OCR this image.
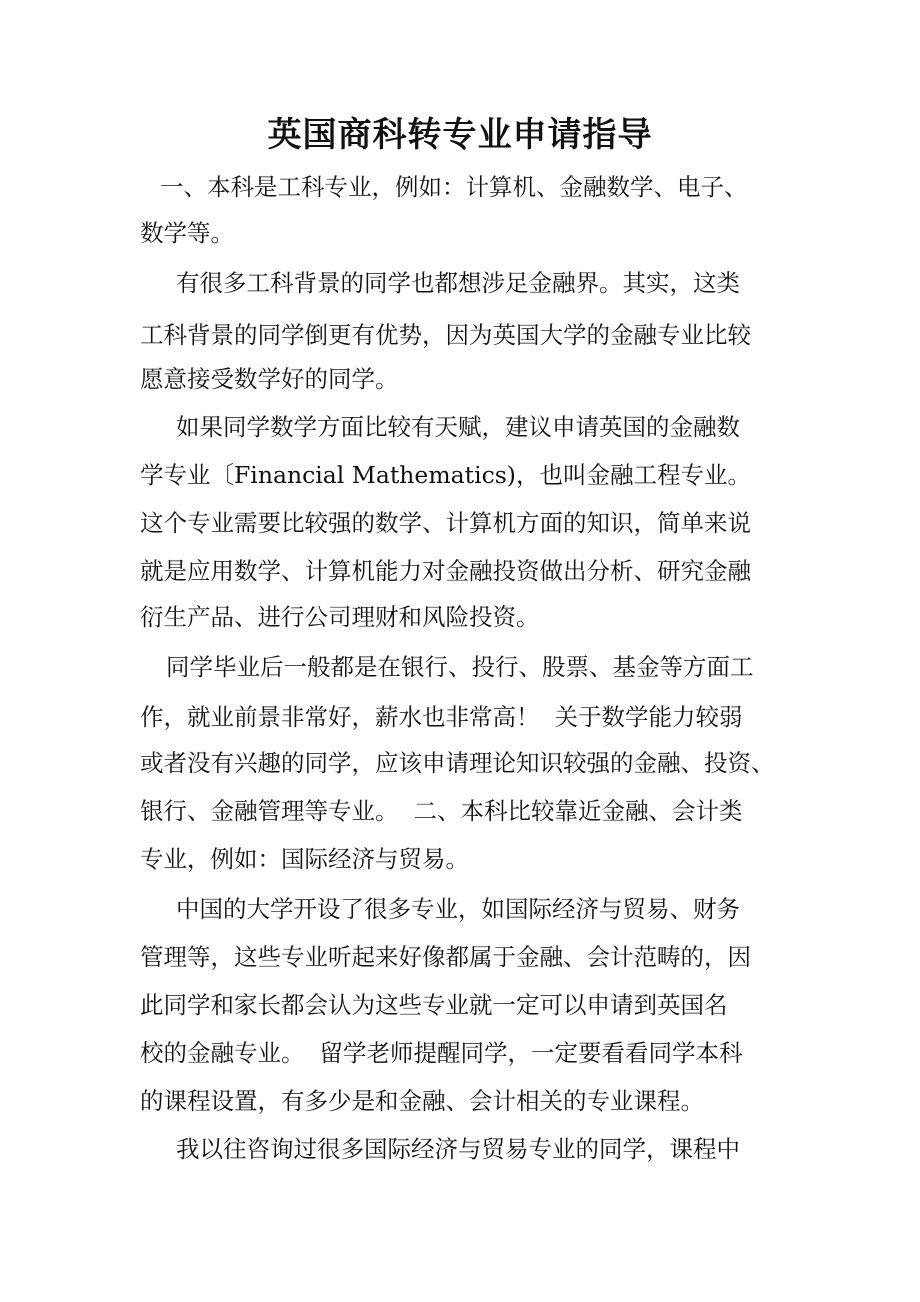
英国商科转专业申请指导
一、本科是工科专业，例如：计算机、金融数学、电子、
数学等。
有很多工科背景的同学也都想涉足金融界。其实，这类
工科背景的同学倒更有优势，因为英国大学的金融专业比较
愿意接受数学好的同学。
如果同学数学方面比较有天赋，建议申请英国的金融数
学专业〔Financial Mathematics)，也叫金融工程专业。
这个专业需要比较强的数学、计算机方面的知识，简单来说
就是应用数学、计算机能力对金融投资做出分析、研究金融
衍生产品、进行公司理财和风险投资。
同学毕业后一般都是在银行、投行、股票、基金等方面工
作，就业前景非常好，薪水也非常高！  关于数学能力较弱
或者没有兴趣的同学，应该申请理论知识较强的金融、投资、
银行、金融管理等专业。  二、本科比较靠近金融、会计类
专业，例如：国际经济与贸易。
中国的大学开设了很多专业，如国际经济与贸易、财务
管理等，这些专业听起来好像都属于金融、会计范畴的，因
此同学和家长都会认为这些专业就一定可以申请到英国名
校的金融专业。  留学老师提醒同学，一定要看看同学本科
的课程设置，有多少是和金融、会计相关的专业课程。
我以往咨询过很多国际经济与贸易专业的同学，课程中
